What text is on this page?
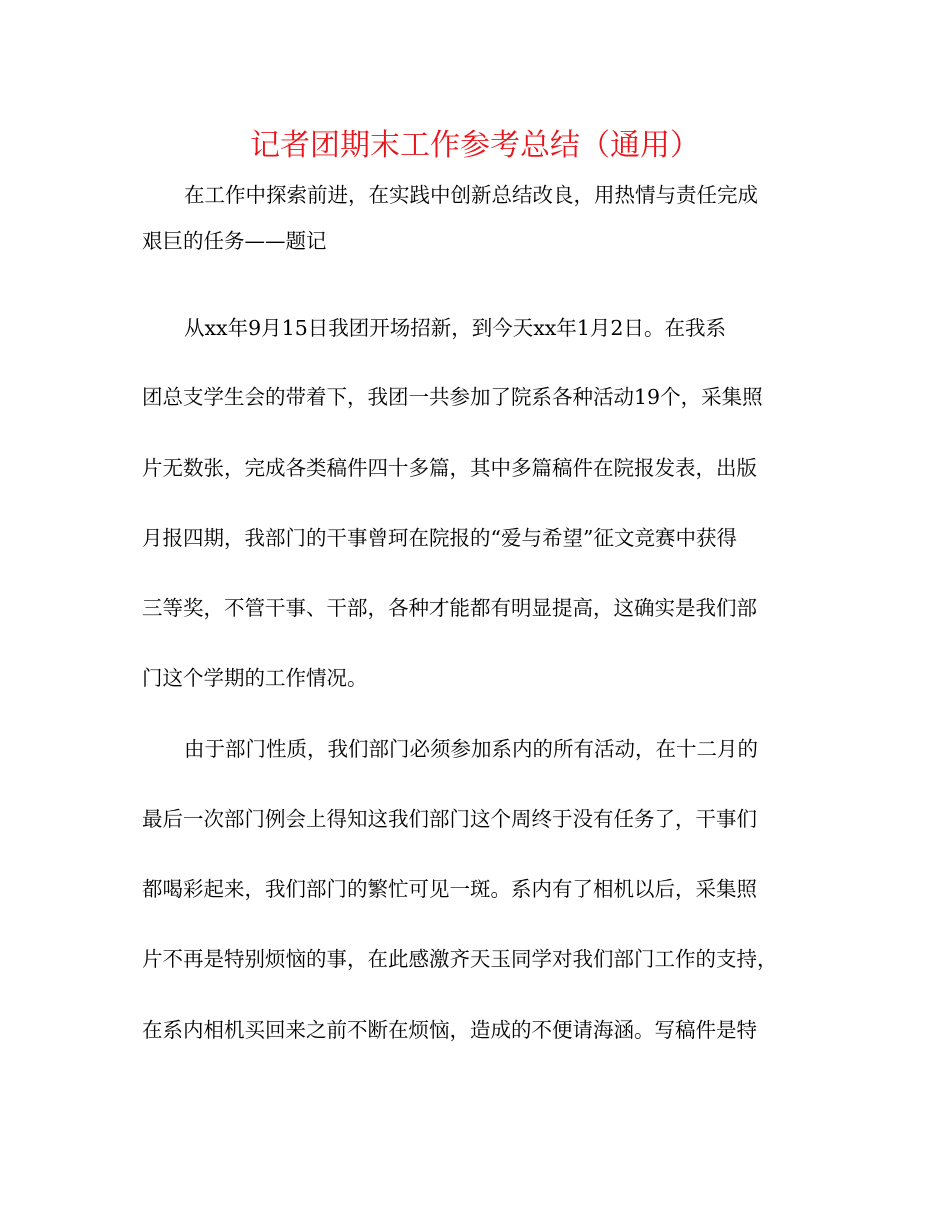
记者团期末工作参考总结（通用）

在工作中探索前进，在实践中创新总结改良，用热情与责任完成

艰巨的任务——题记

从xx年9月15日我团开场招新，到今天xx年1月2日。在我系

团总支学生会的带着下，我团一共参加了院系各种活动19个，采集照

片无数张，完成各类稿件四十多篇，其中多篇稿件在院报发表，出版

月报四期，我部门的干事曾珂在院报的“爱与希望”征文竞赛中获得

三等奖，不管干事、干部，各种才能都有明显提高，这确实是我们部

门这个学期的工作情况。

由于部门性质，我们部门必须参加系内的所有活动，在十二月的

最后一次部门例会上得知这我们部门这个周终于没有任务了，干事们

都喝彩起来，我们部门的繁忙可见一斑。系内有了相机以后，采集照

片不再是特别烦恼的事，在此感激齐天玉同学对我们部门工作的支持，

在系内相机买回来之前不断在烦恼，造成的不便请海涵。写稿件是特
